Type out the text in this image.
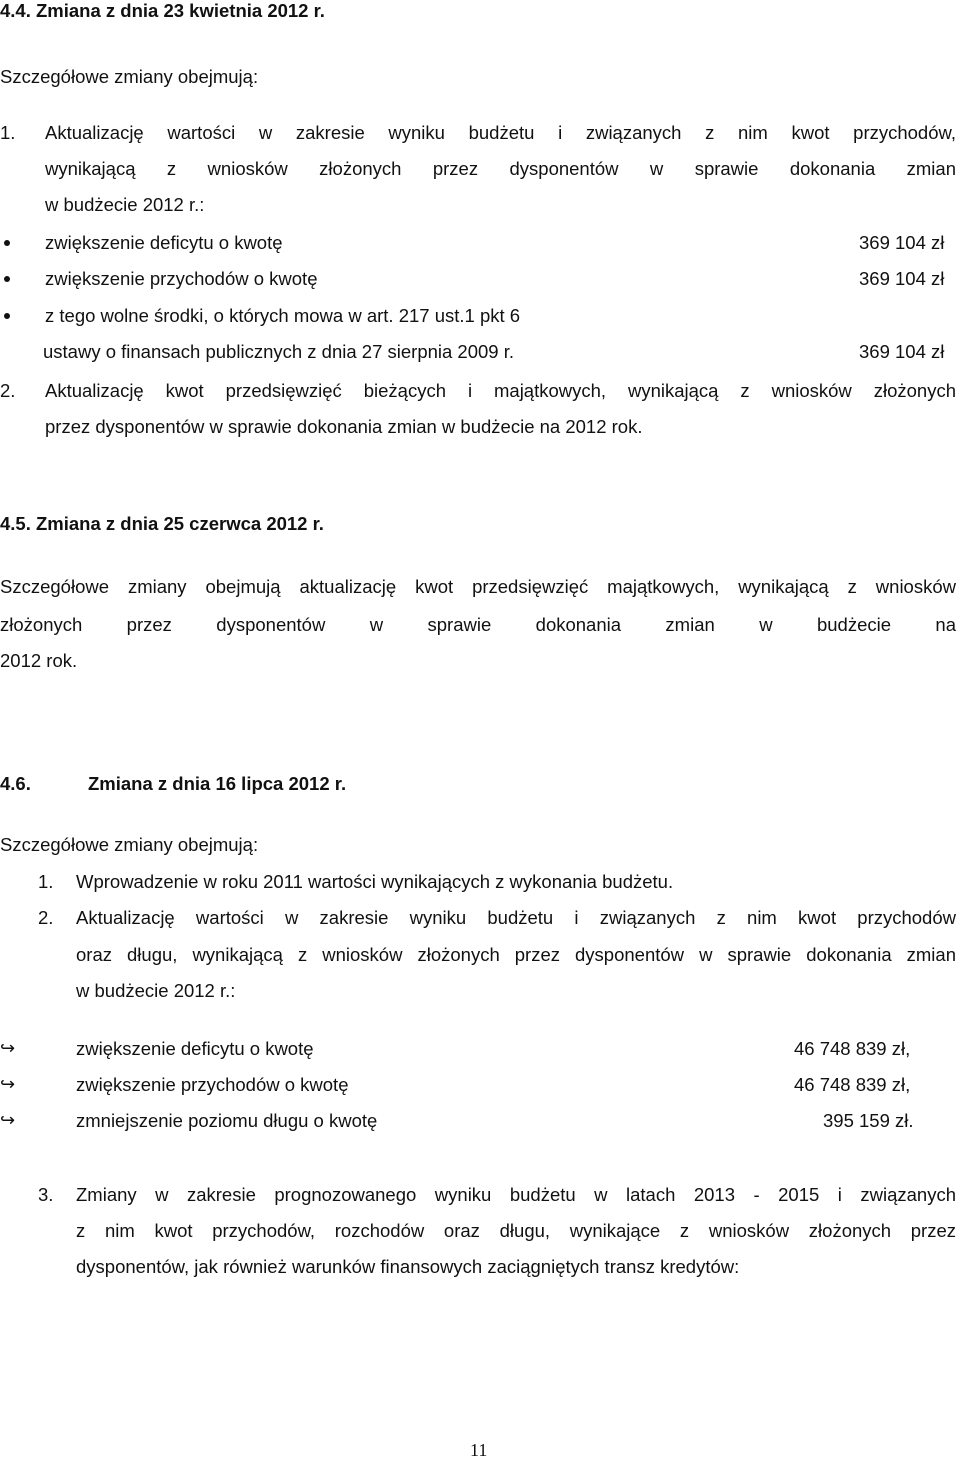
4.4. Zmiana z dnia 23 kwietnia 2012 r.
Szczegółowe zmiany obejmują:
1. Aktualizację wartości w zakresie wyniku budżetu i związanych z nim kwot przychodów,
wynikającą z wniosków złożonych przez dysponentów w sprawie dokonania zmian
w budżecie 2012 r.:
zwiększenie deficytu o kwotę	369 104 zł
zwiększenie przychodów o kwotę	369 104 zł
z tego wolne środki, o których mowa w art. 217 ust.1 pkt 6
ustawy o finansach publicznych z dnia 27 sierpnia 2009 r.	369 104 zł
2. Aktualizację kwot przedsięwzięć bieżących i majątkowych, wynikającą z wniosków złożonych
przez dysponentów w sprawie dokonania zmian w budżecie na 2012 rok.
4.5. Zmiana z dnia 25 czerwca 2012 r.
Szczegółowe zmiany obejmują aktualizację kwot przedsięwzięć majątkowych, wynikającą z wniosków
złożonych przez dysponentów w sprawie dokonania zmian w budżecie na
2012 rok.
4.6.	Zmiana z dnia 16 lipca 2012 r.
Szczegółowe zmiany obejmują:
1. Wprowadzenie w roku 2011 wartości wynikających z wykonania budżetu.
2. Aktualizację wartości w zakresie wyniku budżetu i związanych z nim kwot przychodów
oraz długu, wynikającą z wniosków złożonych przez dysponentów w sprawie dokonania zmian
w budżecie 2012 r.:
↪	zwiększenie deficytu o kwotę	46 748 839 zł,
↪	zwiększenie przychodów o kwotę	46 748 839 zł,
↪	zmniejszenie poziomu długu o kwotę	395 159 zł.
3. Zmiany w zakresie prognozowanego wyniku budżetu w latach 2013 - 2015 i związanych
z nim kwot przychodów, rozchodów oraz długu, wynikające z wniosków złożonych przez
dysponentów, jak również warunków finansowych zaciągniętych transz kredytów:
11
